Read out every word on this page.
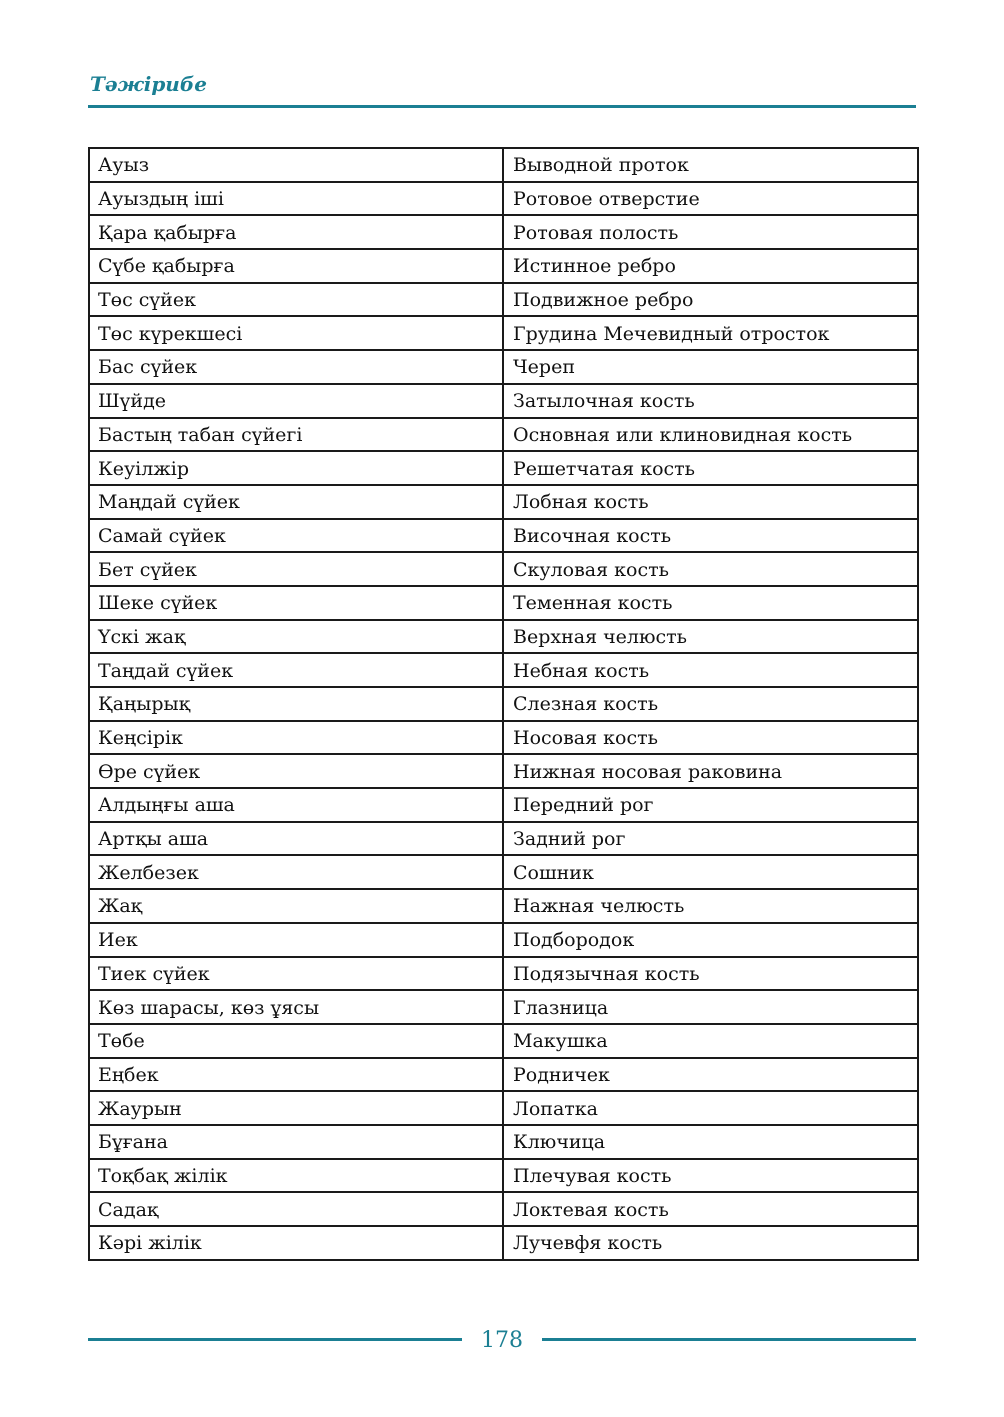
Тәжірибе
Ауыз	Выводной проток
Ауыздың іші	Ротовое отверстие
Қара қабырға	Ротовая полость
Сүбе қабырға	Истинное ребро
Төс сүйек	Подвижное ребро
Төс күрекшесі	Грудина Мечевидный отросток
Бас сүйек	Череп
Шүйде	Затылочная кость
Бастың табан сүйегі	Основная или клиновидная кость
Кеуілжір	Решетчатая кость
Маңдай сүйек	Лобная кость
Самай сүйек	Височная кость
Бет сүйек	Скуловая кость
Шеке сүйек	Теменная кость
Үскі жақ	Верхная челюсть
Таңдай сүйек	Небная кость
Қаңырық	Слезная кость
Кеңсірік	Носовая кость
Өре сүйек	Нижная носовая раковина
Алдыңғы аша	Передний рог
Артқы аша	Задний рог
Желбезек	Сошник
Жақ	Нажная челюсть
Иек	Подбородок
Тиек сүйек	Подязычная кость
Көз шарасы, көз ұясы	Глазница
Төбе	Макушка
Еңбек	Родничек
Жаурын	Лопатка
Бұғана	Ключица
Тоқбақ жілік	Плечувая кость
Садақ	Локтевая кость
Кәрі жілік	Лучевфя кость
178
